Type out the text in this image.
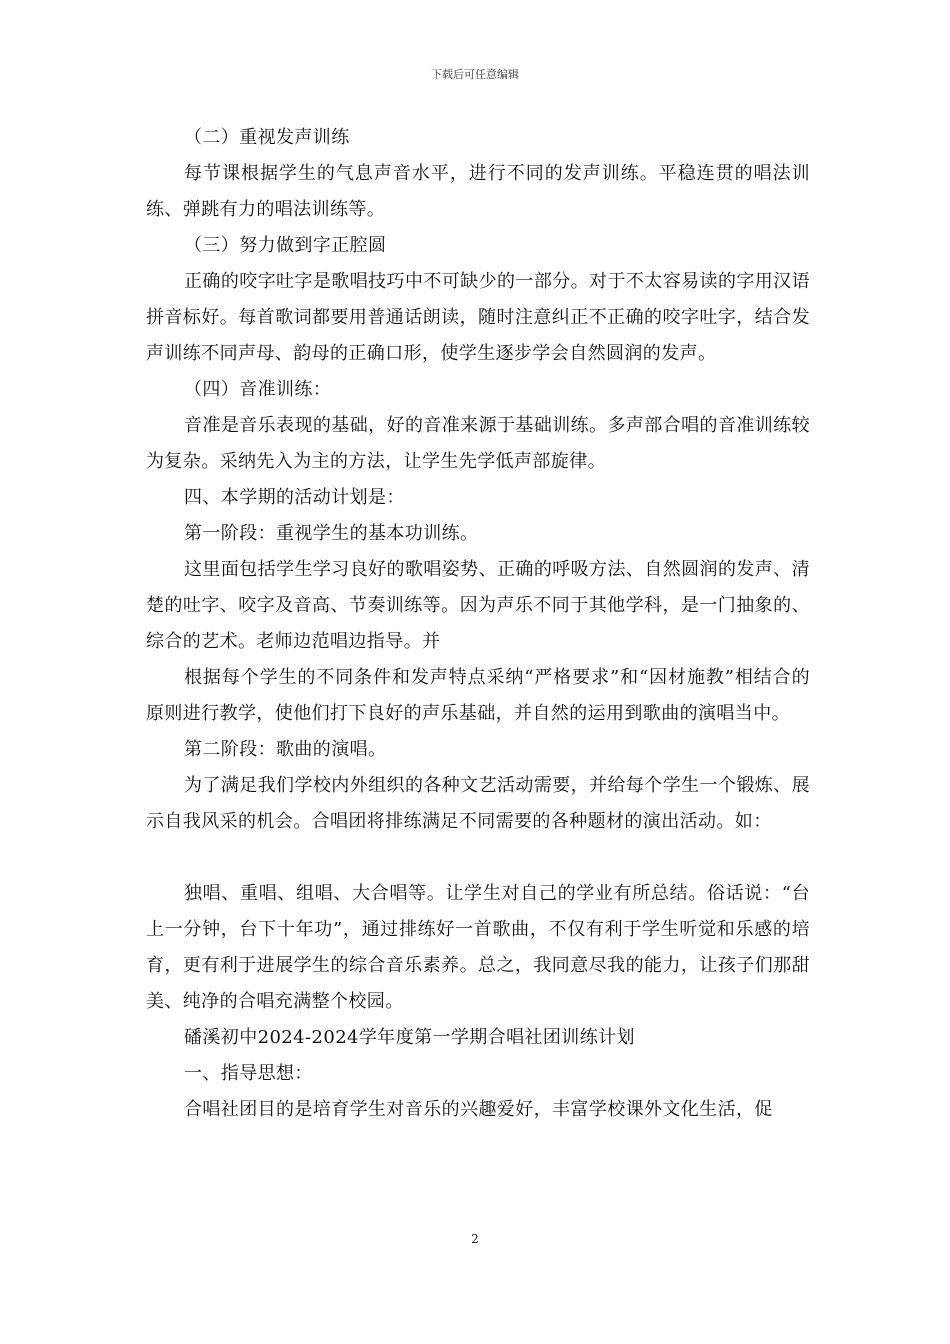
下载后可任意编辑

（二）重视发声训练

每节课根据学生的气息声音水平，进行不同的发声训练。平稳连贯的唱法训练、弹跳有力的唱法训练等。

（三）努力做到字正腔圆

正确的咬字吐字是歌唱技巧中不可缺少的一部分。对于不太容易读的字用汉语拼音标好。每首歌词都要用普通话朗读，随时注意纠正不正确的咬字吐字，结合发声训练不同声母、韵母的正确口形，使学生逐步学会自然圆润的发声。

（四）音准训练：

音准是音乐表现的基础，好的音准来源于基础训练。多声部合唱的音准训练较为复杂。采纳先入为主的方法，让学生先学低声部旋律。

四、本学期的活动计划是：

第一阶段：重视学生的基本功训练。

这里面包括学生学习良好的歌唱姿势、正确的呼吸方法、自然圆润的发声、清楚的吐字、咬字及音高、节奏训练等。因为声乐不同于其他学科，是一门抽象的、综合的艺术。老师边范唱边指导。并

根据每个学生的不同条件和发声特点采纳“严格要求”和“因材施教”相结合的原则进行教学，使他们打下良好的声乐基础，并自然的运用到歌曲的演唱当中。

第二阶段：歌曲的演唱。

为了满足我们学校内外组织的各种文艺活动需要，并给每个学生一个锻炼、展示自我风采的机会。合唱团将排练满足不同需要的各种题材的演出活动。如：

独唱、重唱、组唱、大合唱等。让学生对自己的学业有所总结。俗话说：“台上一分钟，台下十年功”，通过排练好一首歌曲，不仅有利于学生听觉和乐感的培育，更有利于进展学生的综合音乐素养。总之，我同意尽我的能力，让孩子们那甜美、纯净的合唱充满整个校园。

磻溪初中2024-2024学年度第一学期合唱社团训练计划

一、指导思想：

合唱社团目的是培育学生对音乐的兴趣爱好，丰富学校课外文化生活，促

2
